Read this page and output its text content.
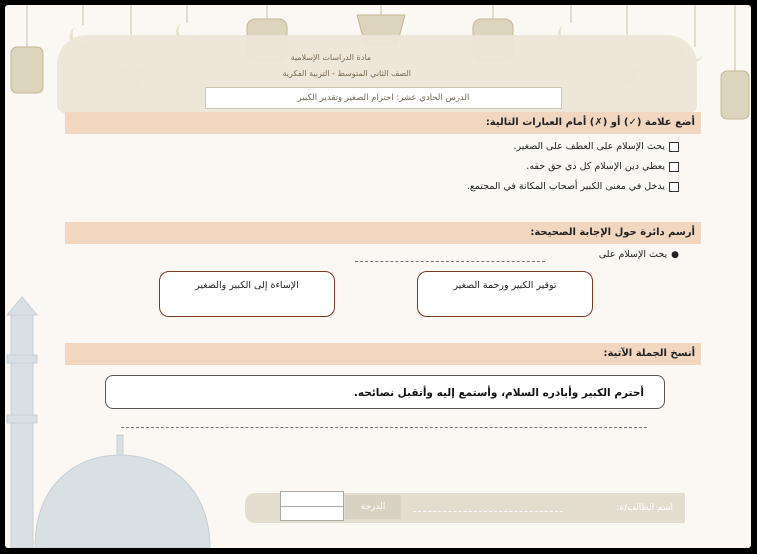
مادة الدراسات الإسلامية
الصف الثاني المتوسط - التربية الفكرية
الدرس الحادي عشر: احترام الصغير وتقدير الكبير
أضع علامة (✓) أو (✗) أمام العبارات التالية:
يحث الإسلام على العطف على الصغير.
يعطي دين الإسلام كل ذي حق حقه.
يدخل في معنى الكبير أصحاب المكانة في المجتمع.
أرسم دائرة حول الإجابة الصحيحة:
●
يحث الإسلام على
توقير الكبير ورحمة الصغير
الإساءة إلى الكبير والصغير
أنسخ الجملة الآتية:
أحترم الكبير وأبادره السلام، وأستمع إليه وأتقبل نصائحه.
الدرجة	اسم الطالب/ة:
